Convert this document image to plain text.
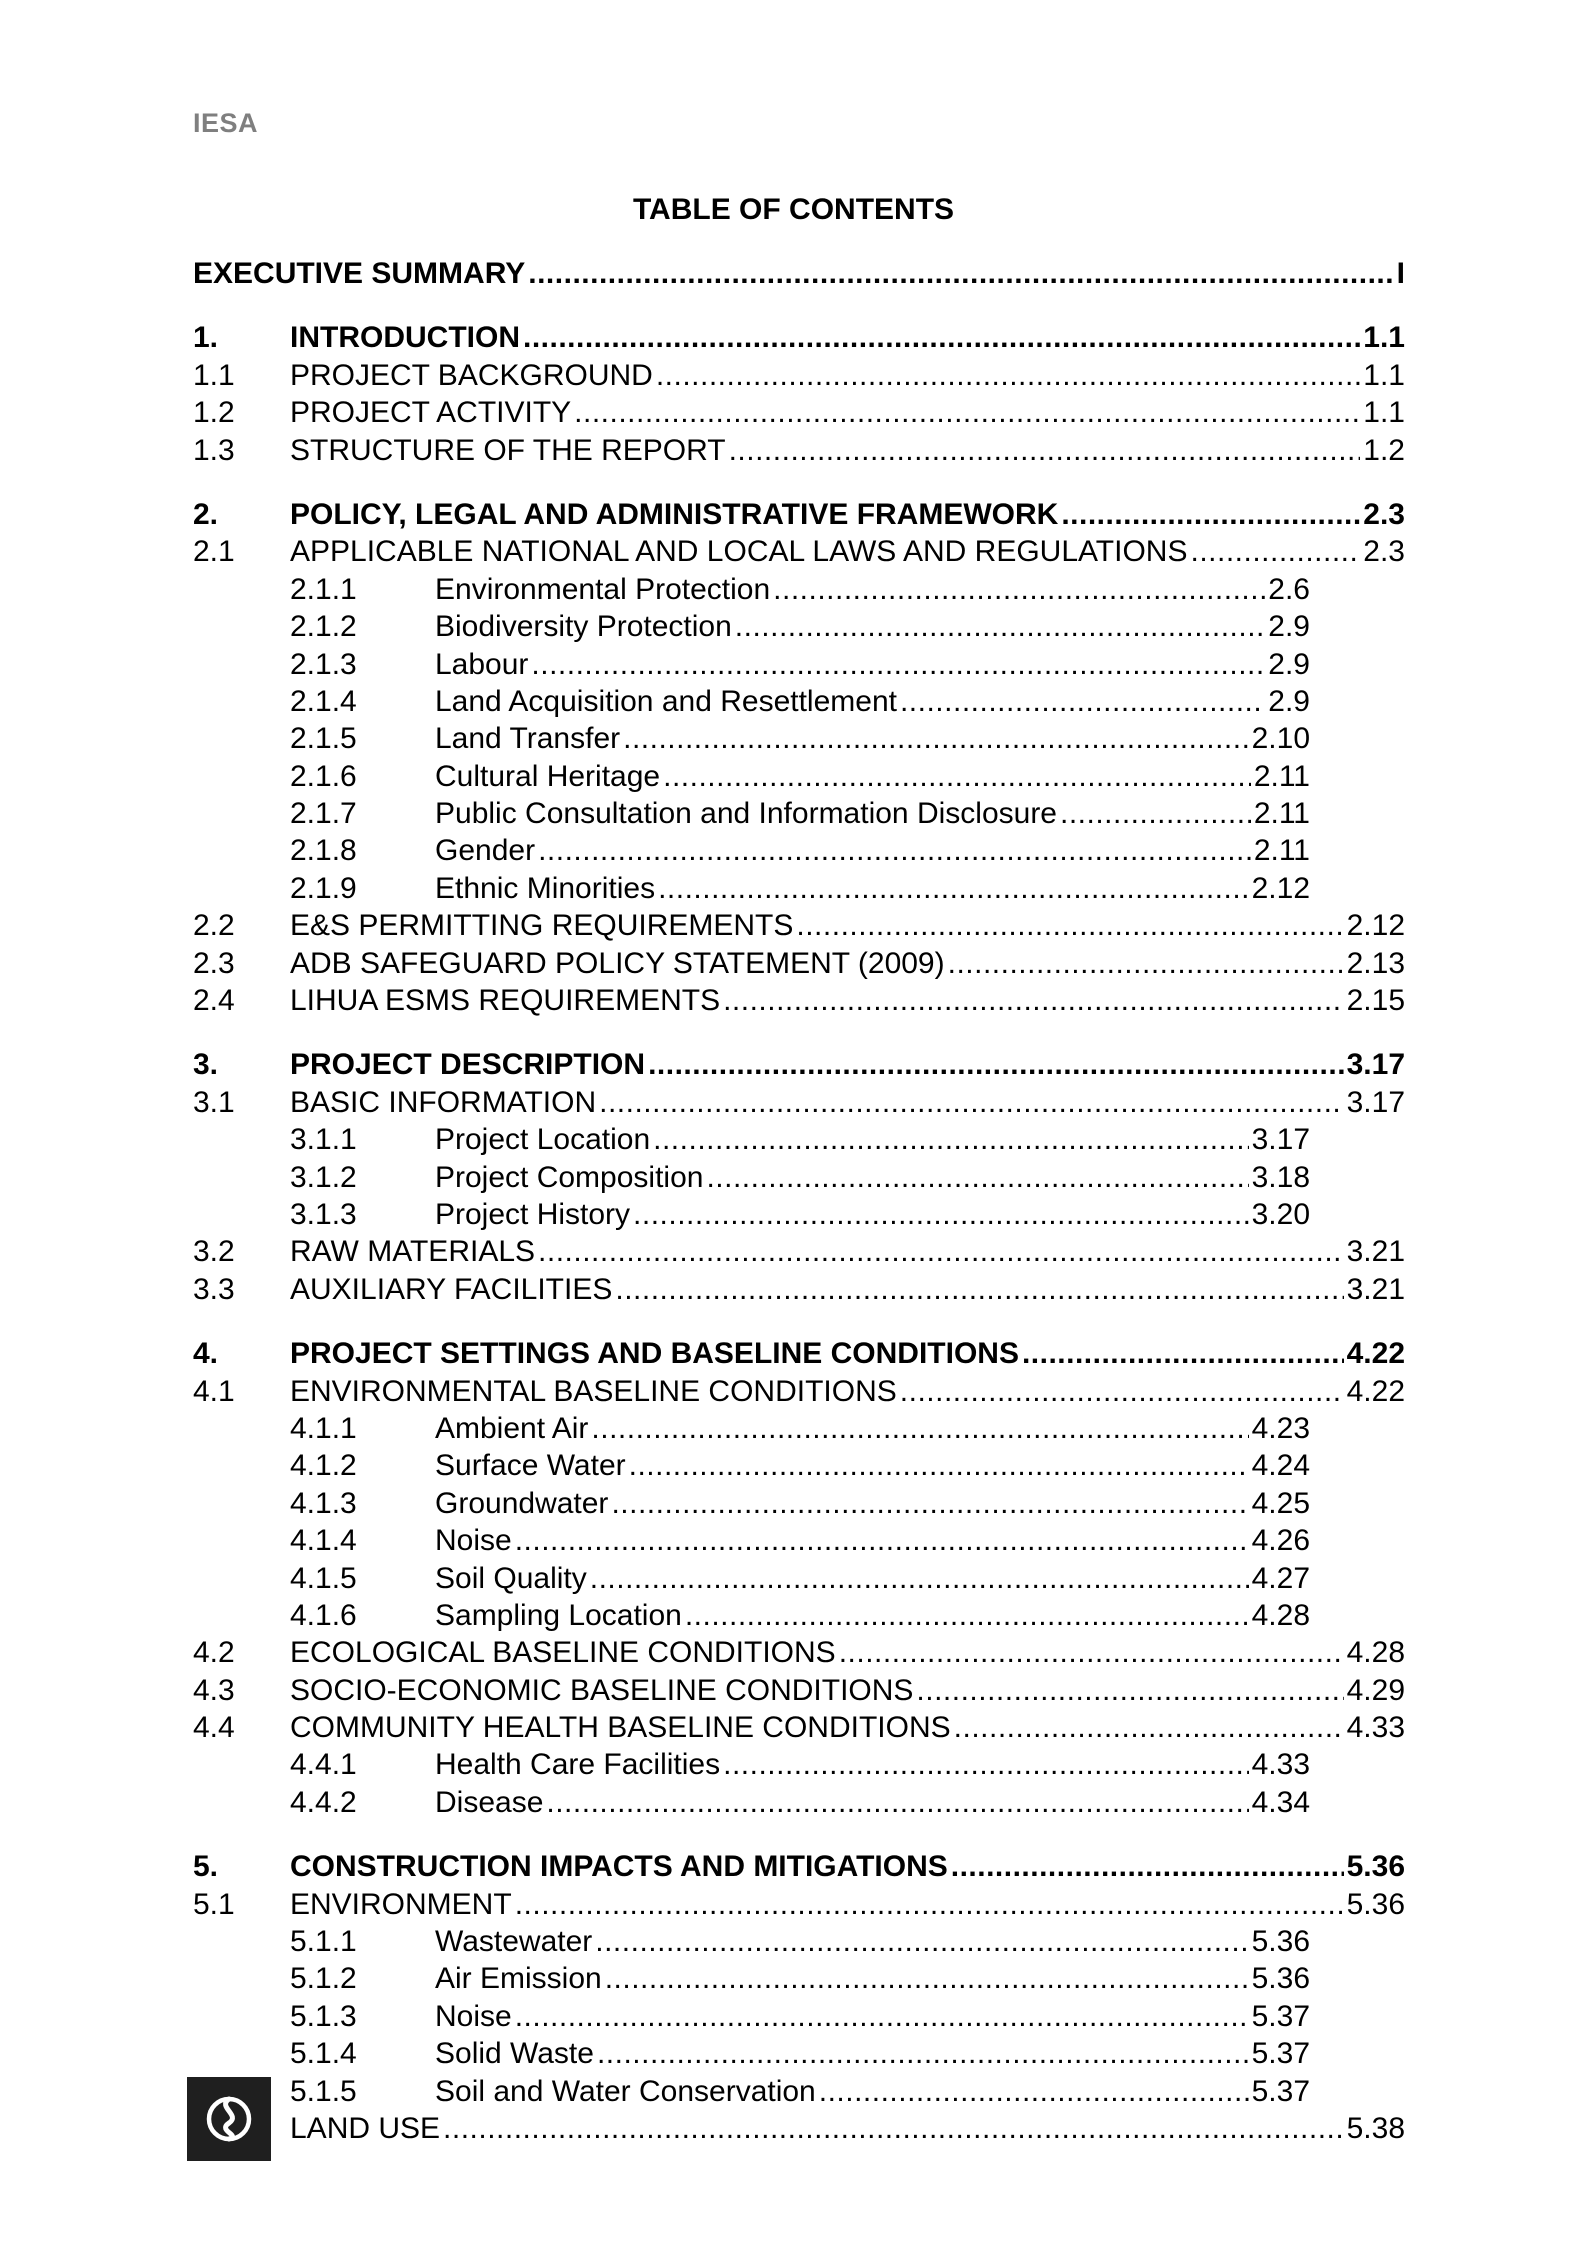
IESA
TABLE OF CONTENTS
EXECUTIVE SUMMARY .....	I
1.	INTRODUCTION .....	1.1
1.1	PROJECT BACKGROUND .....	1.1
1.2	PROJECT ACTIVITY .....	1.1
1.3	STRUCTURE OF THE REPORT .....	1.2
2.	POLICY, LEGAL AND ADMINISTRATIVE FRAMEWORK .....	2.3
2.1	APPLICABLE NATIONAL AND LOCAL LAWS AND REGULATIONS .....	2.3
2.1.1	Environmental Protection .....	2.6
2.1.2	Biodiversity Protection .....	2.9
2.1.3	Labour .....	2.9
2.1.4	Land Acquisition and Resettlement .....	2.9
2.1.5	Land Transfer .....	2.10
2.1.6	Cultural Heritage .....	2.11
2.1.7	Public Consultation and Information Disclosure .....	2.11
2.1.8	Gender .....	2.11
2.1.9	Ethnic Minorities .....	2.12
2.2	E&S PERMITTING REQUIREMENTS .....	2.12
2.3	ADB SAFEGUARD POLICY STATEMENT (2009) .....	2.13
2.4	LIHUA ESMS REQUIREMENTS .....	2.15
3.	PROJECT DESCRIPTION .....	3.17
3.1	BASIC INFORMATION .....	3.17
3.1.1	Project Location .....	3.17
3.1.2	Project Composition .....	3.18
3.1.3	Project History .....	3.20
3.2	RAW MATERIALS .....	3.21
3.3	AUXILIARY FACILITIES .....	3.21
4.	PROJECT SETTINGS AND BASELINE CONDITIONS .....	4.22
4.1	ENVIRONMENTAL BASELINE CONDITIONS .....	4.22
4.1.1	Ambient Air .....	4.23
4.1.2	Surface Water .....	4.24
4.1.3	Groundwater .....	4.25
4.1.4	Noise .....	4.26
4.1.5	Soil Quality .....	4.27
4.1.6	Sampling Location .....	4.28
4.2	ECOLOGICAL BASELINE CONDITIONS .....	4.28
4.3	SOCIO-ECONOMIC BASELINE CONDITIONS .....	4.29
4.4	COMMUNITY HEALTH BASELINE CONDITIONS .....	4.33
4.4.1	Health Care Facilities .....	4.33
4.4.2	Disease .....	4.34
5.	CONSTRUCTION IMPACTS AND MITIGATIONS .....	5.36
5.1	ENVIRONMENT .....	5.36
5.1.1	Wastewater .....	5.36
5.1.2	Air Emission .....	5.36
5.1.3	Noise .....	5.37
5.1.4	Solid Waste .....	5.37
5.1.5	Soil and Water Conservation .....	5.37
LAND USE .....	5.38
